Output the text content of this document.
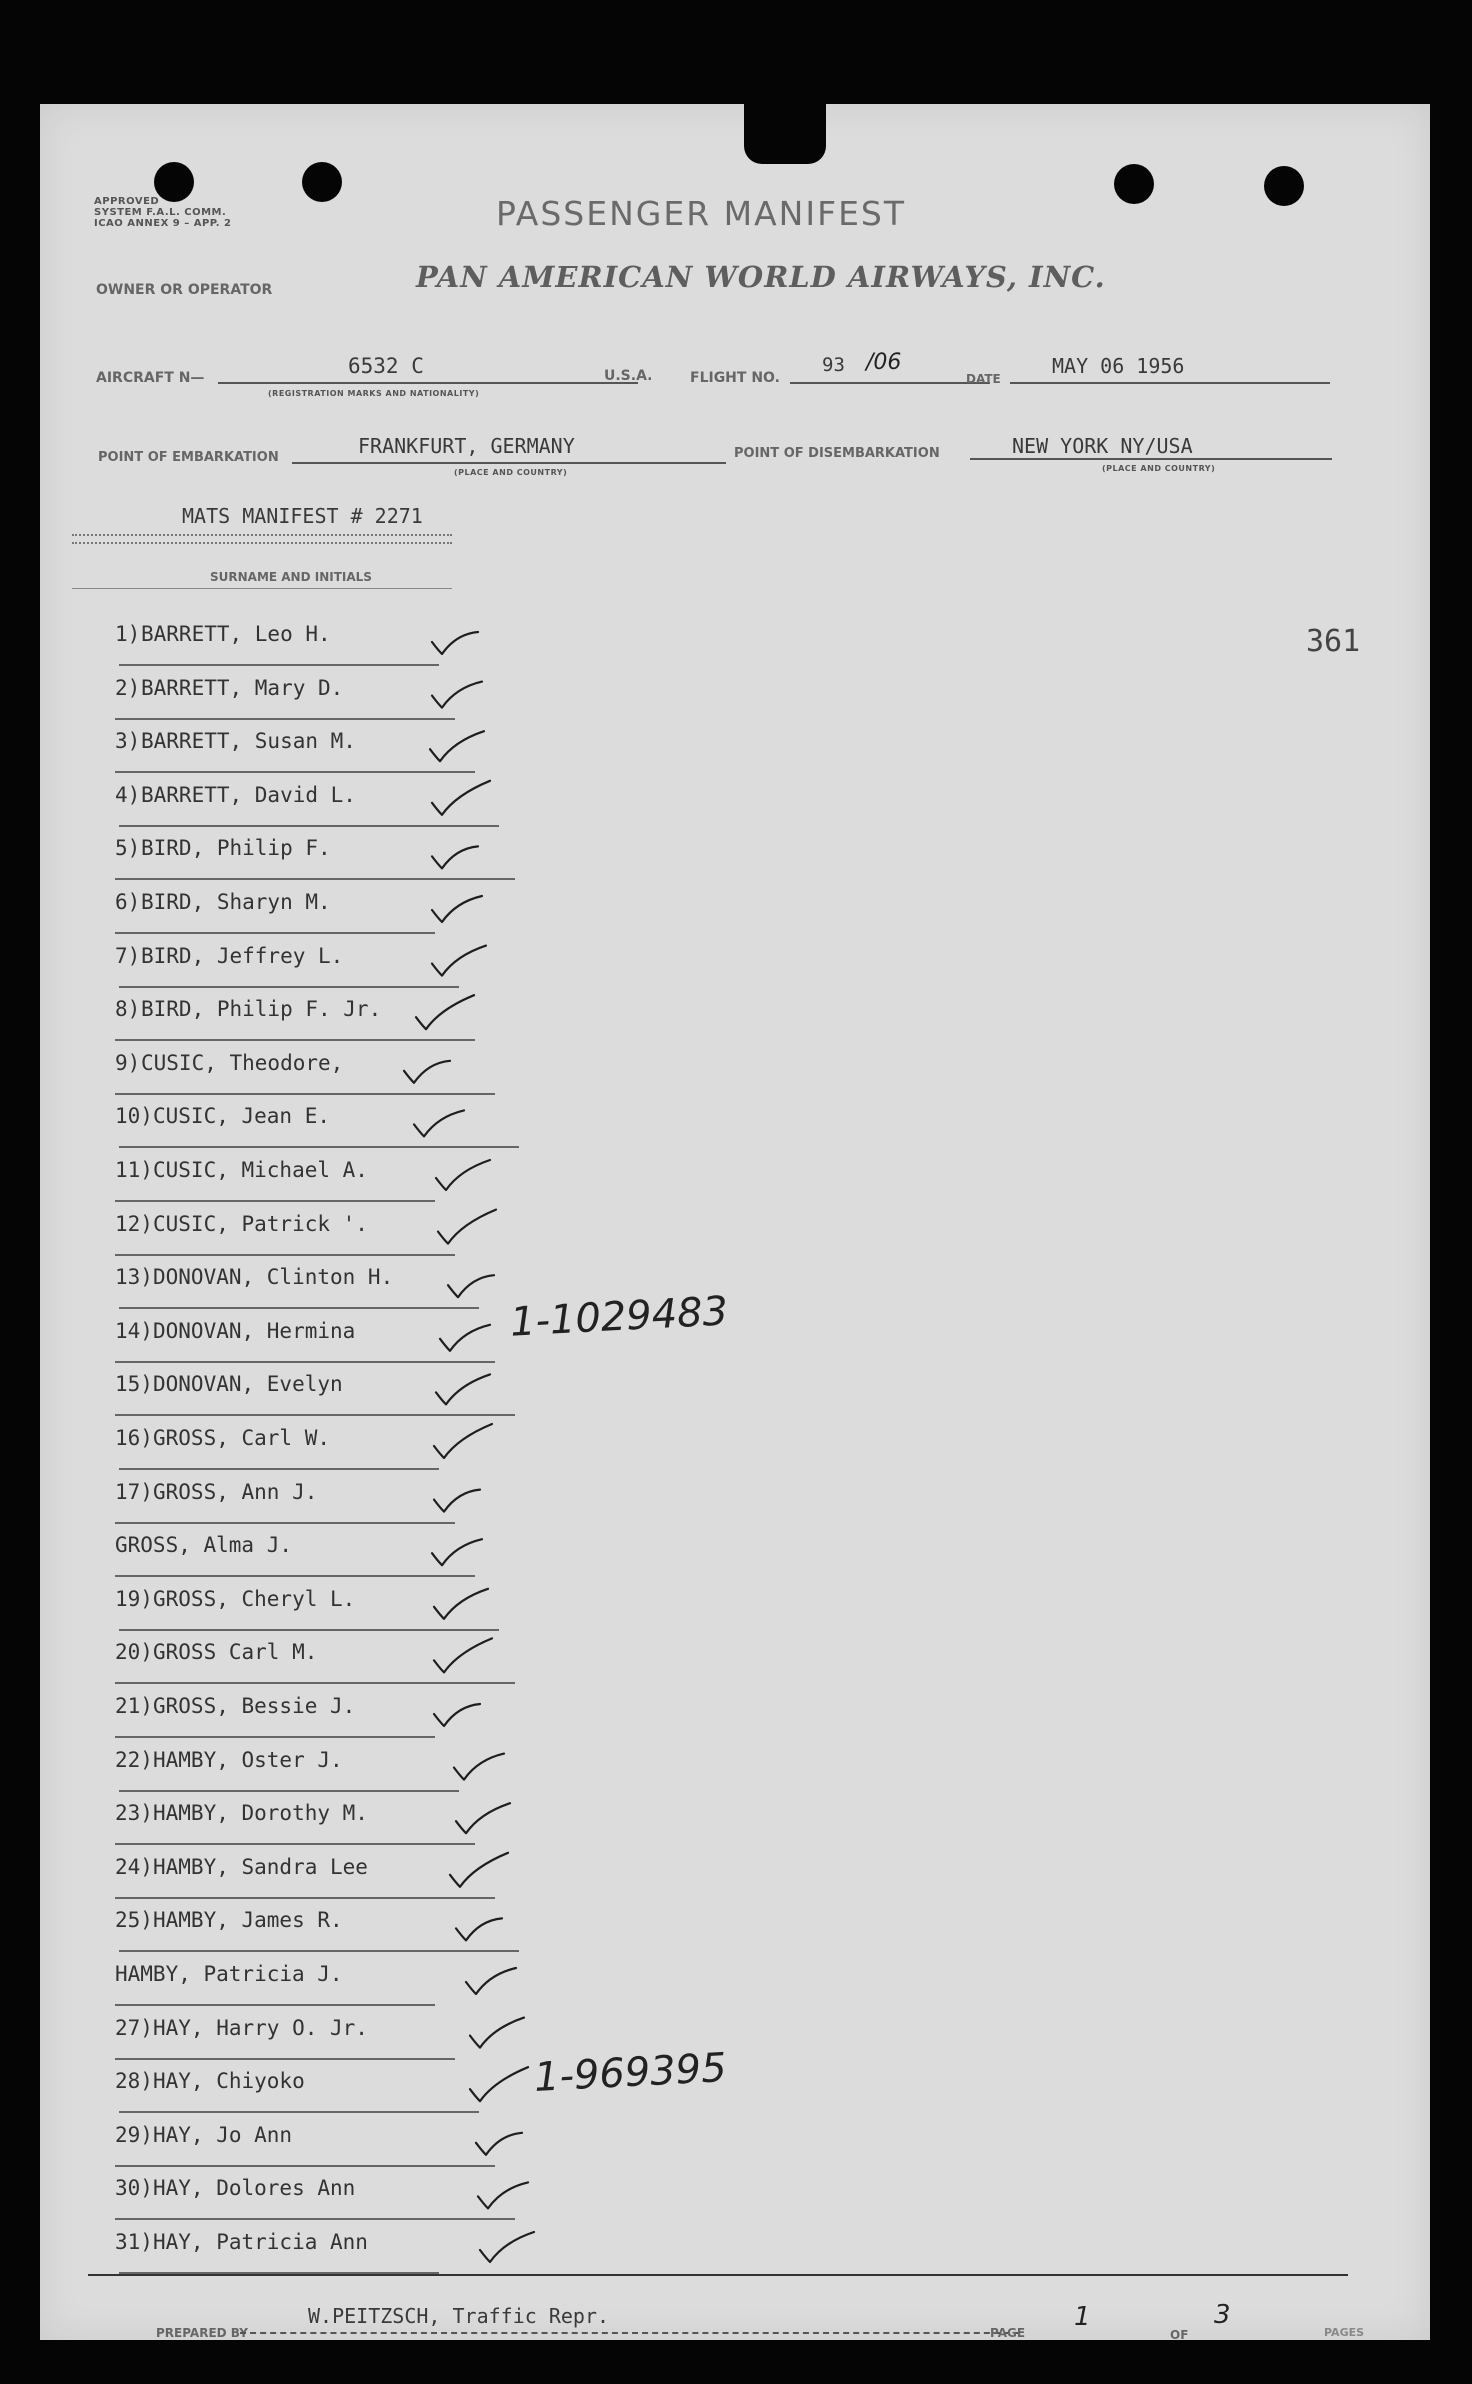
APPROVED
SYSTEM F.A.L. COMM.
ICAO ANNEX 9 – APP. 2	PASSENGER MANIFEST
OWNER OR OPERATOR	PAN AMERICAN WORLD AIRWAYS, INC.
AIRCRAFT N—	6532 C
(REGISTRATION MARKS AND NATIONALITY)
U.S.A.	FLIGHT NO.
93 /06
DATE
MAY 06 1956
POINT OF EMBARKATION	FRANKFURT, GERMANY
(PLACE AND COUNTRY)
POINT OF DISEMBARKATION	NEW YORK NY/USA
(PLACE AND COUNTRY)
MATS MANIFEST # 2271
SURNAME AND INITIALS
361
1) BARRETT, Leo H.
2) BARRETT, Mary D.
3) BARRETT, Susan M.
4) BARRETT, David L.
5) BIRD, Philip F.
6) BIRD, Sharyn M.
7) BIRD, Jeffrey L.
8) BIRD, Philip F. Jr.
9) CUSIC, Theodore,
10) CUSIC, Jean E.
11) CUSIC, Michael A.
12) CUSIC, Patrick '.
13) DONOVAN, Clinton H.
14) DONOVAN, Hermina
15) DONOVAN, Evelyn
16) GROSS, Carl W.
17) GROSS, Ann J.
GROSS, Alma J.
19) GROSS, Cheryl L.
20) GROSS Carl M.
21) GROSS, Bessie J.
22) HAMBY, Oster J.
23) HAMBY, Dorothy M.
24) HAMBY, Sandra Lee
25) HAMBY, James R.
HAMBY, Patricia J.
27) HAY, Harry O. Jr.
28) HAY, Chiyoko
29) HAY, Jo Ann
30) HAY, Dolores Ann
31) HAY, Patricia Ann
1-1029483
1-969395
PREPARED BY
W.PEITZSCH, Traffic Repr.
PAGE
1
OF
3
PAGES
